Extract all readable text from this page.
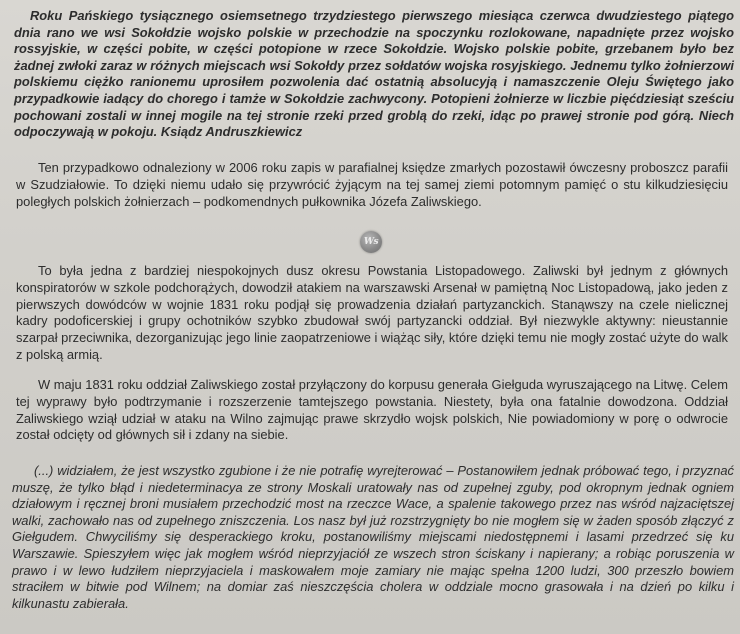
Roku Pańskiego tysiącznego osiemsetnego trzydziestego pierwszego miesiąca czerwca dwudziestego piątego dnia rano we wsi Sokołdzie wojsko polskie w przechodzie na spoczynku rozlokowane, napadnięte przez wojsko rossyjskie, w części pobite, w części potopione w rzece Sokołdzie. Wojsko polskie pobite, grzebanem było bez żadnej zwłoki zaraz w różnych miejscach wsi Sokołdy przez sołdatów wojska rosyjskiego. Jednemu tylko żołnierzowi polskiemu ciężko ranionemu uprosiłem pozwolenia dać ostatnią absolucyją i namaszczenie Oleju Świętego jako przypadkowie iadący do chorego i tamże w Sokołdzie zachwycony. Potopieni żołnierze w liczbie pięćdziesiąt sześciu pochowani zostali w innej mogile na tej stronie rzeki przed groblą do rzeki, idąc po prawej stronie pod górą. Niech odpoczywają w pokoju. Ksiądz Andruszkiewicz

Ten przypadkowo odnaleziony w 2006 roku zapis w parafialnej księdze zmarłych pozostawił ówczesny proboszcz parafii w Szudziałowie. To dzięki niemu udało się przywrócić żyjącym na tej samej ziemi potomnym pamięć o stu kilkudziesięciu poległych polskich żołnierzach – podkomendnych pułkownika Józefa Zaliwskiego.

Ws

To była jedna z bardziej niespokojnych dusz okresu Powstania Listopadowego. Zaliwski był jednym z głównych konspiratorów w szkole podchorążych, dowodził atakiem na warszawski Arsenał w pamiętną Noc Listopadową, jako jeden z pierwszych dowódców w wojnie 1831 roku podjął się prowadzenia działań partyzanckich. Stanąwszy na czele nielicznej kadry podoficerskiej i grupy ochotników szybko zbudował swój partyzancki oddział. Był niezwykle aktywny: nieustannie szarpał przeciwnika, dezorganizując jego linie zaopatrzeniowe i wiążąc siły, które dzięki temu nie mogły zostać użyte do walk z polską armią.

W maju 1831 roku oddział Zaliwskiego został przyłączony do korpusu generała Giełguda wyruszającego na Litwę. Celem tej wyprawy było podtrzymanie i rozszerzenie tamtejszego powstania. Niestety, była ona fatalnie dowodzona. Oddział Zaliwskiego wziął udział w ataku na Wilno zajmując prawe skrzydło wojsk polskich, Nie powiadomiony w porę o odwrocie został odcięty od głównych sił i zdany na siebie.

(...) widziałem, że jest wszystko zgubione i że nie potrafię wyrejterować – Postanowiłem jednak próbować tego, i przyznać muszę, że tylko błąd i niedeterminacya ze strony Moskali uratowały nas od zupełnej zguby, pod okropnym jednak ogniem działowym i ręcznej broni musiałem przechodzić most na rzeczce Wace, a spalenie takowego przez nas wśród najzaciętszej walki, zachowało nas od zupełnego zniszczenia. Los nasz był już rozstrzygnięty bo nie mogłem się w żaden sposób złączyć z Giełgudem. Chwyciliśmy się desperackiego kroku, postanowiliśmy miejscami niedostępnemi i lasami przedrzeć się ku Warszawie. Spieszyłem więc jak mogłem wśród nieprzyjaciół ze wszech stron ściskany i napierany; a robiąc poruszenia w prawo i w lewo łudziłem nieprzyjaciela i maskowałem moje zamiary nie mając spełna 1200 ludzi, 300 przeszło bowiem straciłem w bitwie pod Wilnem; na domiar zaś nieszczęścia cholera w oddziale mocno grasowała i na dzień po kilku i kilkunastu zabierała.
